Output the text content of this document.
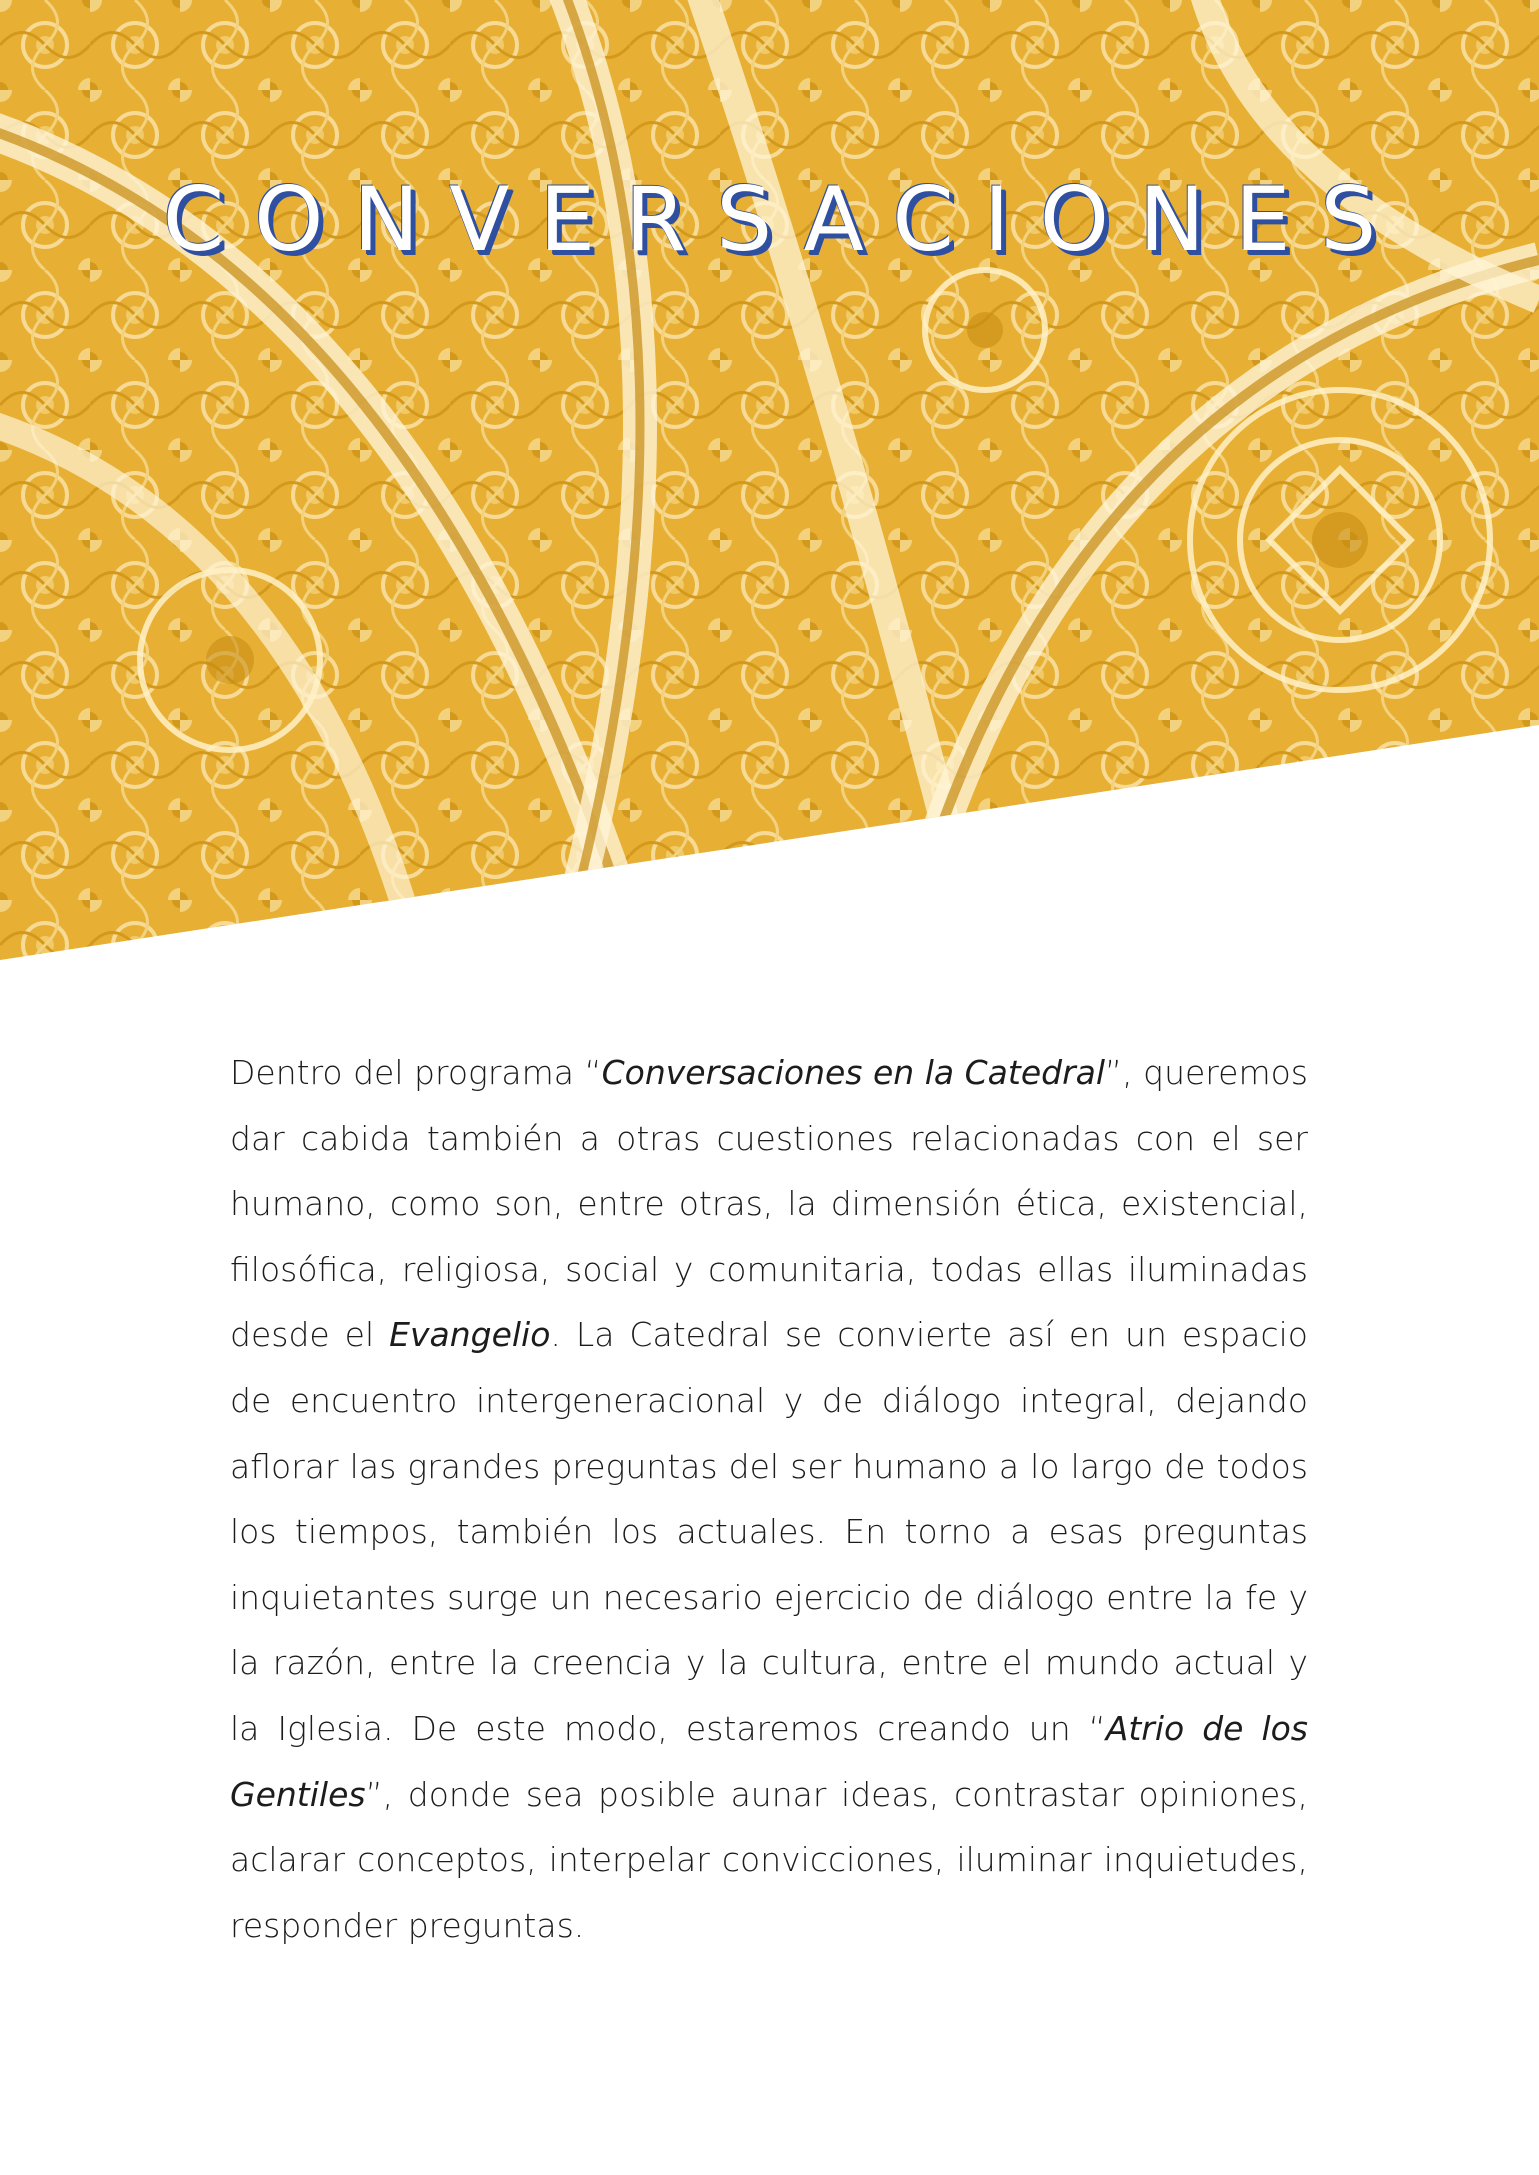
CONVERSACIONES

Dentro del programa “Conversaciones en la Catedral”, queremos dar cabida también a otras cuestiones relacionadas con el ser humano, como son, entre otras, la dimensión ética, existencial, filosófica, religiosa, social y comunitaria, todas ellas iluminadas desde el Evangelio. La Catedral se convierte así en un espacio de encuentro intergeneracional y de diálogo integral, dejando aflorar las grandes preguntas del ser humano a lo largo de todos los tiempos, también los actuales. En torno a esas preguntas inquietantes surge un necesario ejercicio de diálogo entre la fe y la razón, entre la creencia y la cultura, entre el mundo actual y la Iglesia. De este modo, estaremos creando un “Atrio de los Gentiles”, donde sea posible aunar ideas, contrastar opiniones, aclarar conceptos, interpelar convicciones, iluminar inquietudes, responder preguntas.
